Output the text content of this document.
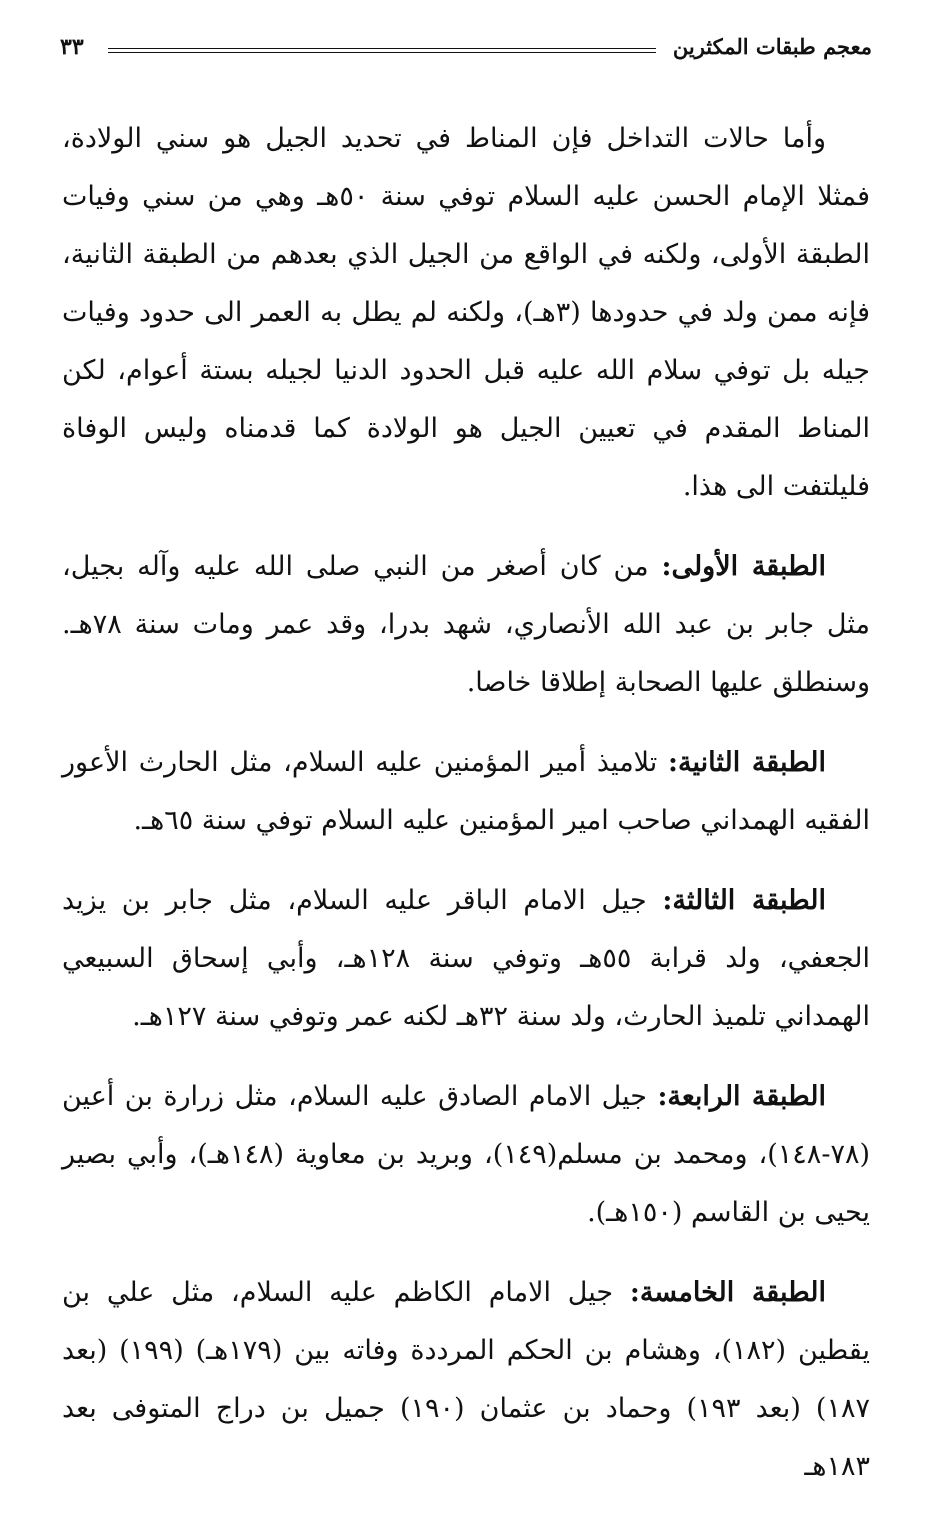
معجم طبقات المكثرين
٣٣

وأما حالات التداخل فإن المناط في تحديد الجيل هو سني الولادة، فمثلا الإمام الحسن عليه السلام توفي سنة ٥٠هـ وهي من سني وفيات الطبقة الأولى، ولكنه في الواقع من الجيل الذي بعدهم من الطبقة الثانية، فإنه ممن ولد في حدودها (٣هـ)، ولكنه لم يطل به العمر الى حدود وفيات جيله بل توفي سلام الله عليه قبل الحدود الدنيا لجيله بستة أعوام، لكن المناط المقدم في تعيين الجيل هو الولادة كما قدمناه وليس الوفاة فليلتفت الى هذا.

الطبقة الأولى: من كان أصغر من النبي صلى الله عليه وآله بجيل، مثل جابر بن عبد الله الأنصاري، شهد بدرا، وقد عمر ومات سنة ٧٨هـ. وسنطلق عليها الصحابة إطلاقا خاصا.

الطبقة الثانية: تلاميذ أمير المؤمنين عليه السلام، مثل الحارث الأعور الفقيه الهمداني صاحب امير المؤمنين عليه السلام توفي سنة ٦٥هـ.

الطبقة الثالثة: جيل الامام الباقر عليه السلام، مثل جابر بن يزيد الجعفي، ولد قرابة ٥٥هـ وتوفي سنة ١٢٨هـ، وأبي إسحاق السبيعي الهمداني تلميذ الحارث، ولد سنة ٣٢هـ لكنه عمر وتوفي سنة ١٢٧هـ.

الطبقة الرابعة: جيل الامام الصادق عليه السلام، مثل زرارة بن أعين (٧٨-١٤٨)، ومحمد بن مسلم(١٤٩)، وبريد بن معاوية (١٤٨هـ)، وأبي بصير يحيى بن القاسم (١٥٠هـ).

الطبقة الخامسة: جيل الامام الكاظم عليه السلام، مثل علي بن يقطين (١٨٢)، وهشام بن الحكم المرددة وفاته بين (١٧٩هـ) (١٩٩) (بعد ١٨٧) (بعد ١٩٣) وحماد بن عثمان (١٩٠) جميل بن دراج المتوفى بعد ١٨٣هـ
